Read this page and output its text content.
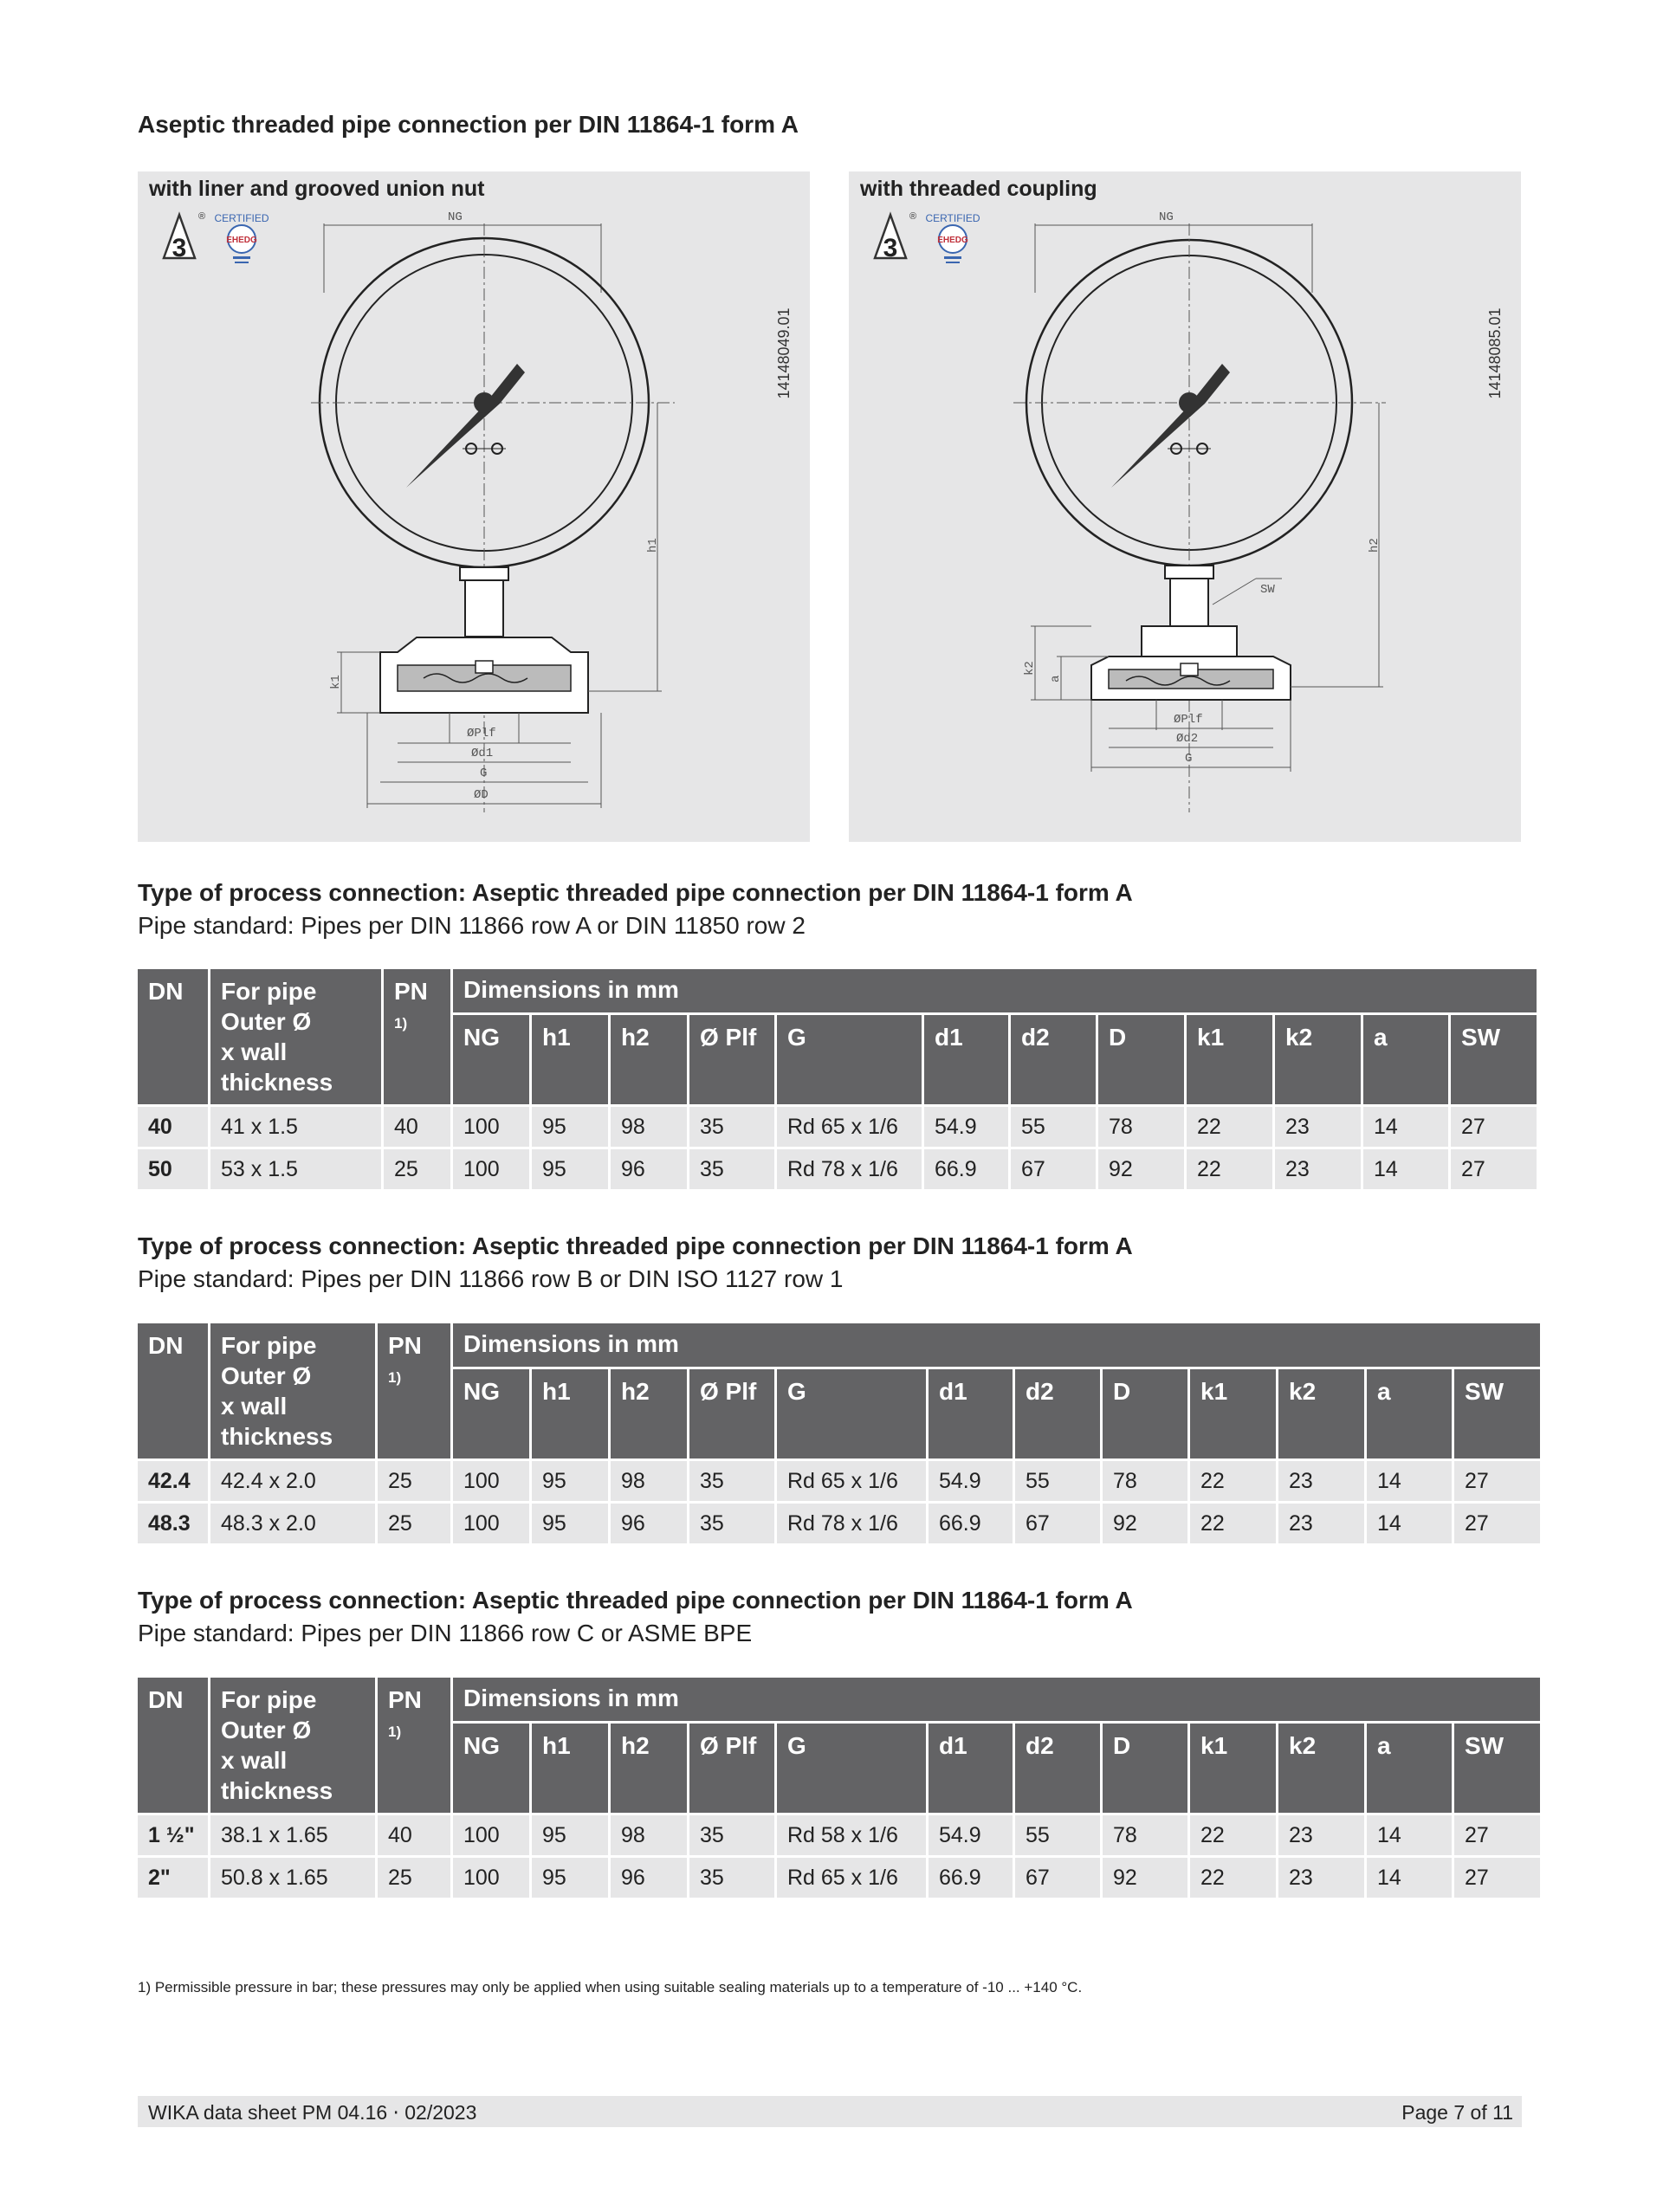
Aseptic threaded pipe connection per DIN 11864-1 form A
with liner and grooved union nut
3
® CERTIFIED
EHEDG
14148049.01
NG
h1
k1
ØPlf
Ød1
G
ØD
with threaded coupling
3
® CERTIFIED
EHEDG
14148085.01
NG
SW
h2
k2
a
ØPlf
Ød2
G
Type of process connection: Aseptic threaded pipe connection per DIN 11864-1 form A
Pipe standard: Pipes per DIN 11866 row A or DIN 11850 row 2
DN	For pipe
Outer Ø
x wall
thickness	PN
$^{1)}$	Dimensions in mm											
			NG	h1	h2	Ø Plf	G	d1	d2	D	k1	k2	a	SW
40	41 x 1.5	40	100	95	98	35	Rd 65 x 1/6	54.9	55	78	22	23	14	27
50	53 x 1.5	25	100	95	96	35	Rd 78 x 1/6	66.9	67	92	22	23	14	27
Type of process connection: Aseptic threaded pipe connection per DIN 11864-1 form A
Pipe standard: Pipes per DIN 11866 row B or DIN ISO 1127 row 1
DN	For pipe
Outer Ø
x wall
thickness	PN
$^{1)}$	Dimensions in mm											
			NG	h1	h2	Ø Plf	G	d1	d2	D	k1	k2	a	SW
42.4	42.4 x 2.0	25	100	95	98	35	Rd 65 x 1/6	54.9	55	78	22	23	14	27
48.3	48.3 x 2.0	25	100	95	96	35	Rd 78 x 1/6	66.9	67	92	22	23	14	27
Type of process connection: Aseptic threaded pipe connection per DIN 11864-1 form A
Pipe standard: Pipes per DIN 11866 row C or ASME BPE
DN	For pipe
Outer Ø
x wall
thickness	PN
$^{1)}$	Dimensions in mm											
			NG	h1	h2	Ø Plf	G	d1	d2	D	k1	k2	a	SW
1 ½"	38.1 x 1.65	40	100	95	98	35	Rd 58 x 1/6	54.9	55	78	22	23	14	27
2"	50.8 x 1.65	25	100	95	96	35	Rd 65 x 1/6	66.9	67	92	22	23	14	27
1) Permissible pressure in bar; these pressures may only be applied when using suitable sealing materials up to a temperature of -10 ... +140 °C.
WIKA data sheet PM 04.16 ⋅ 02/2023	Page 7 of 11
